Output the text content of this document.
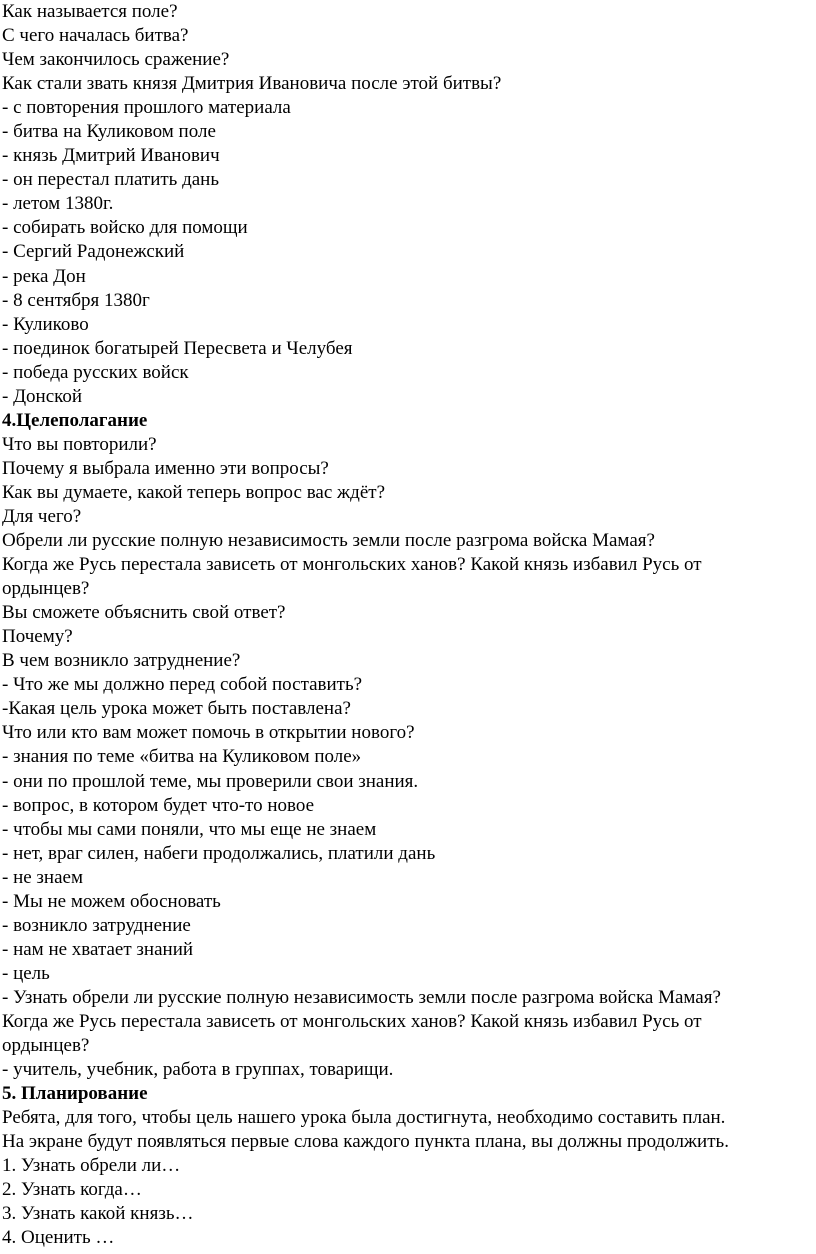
Как называется поле?
С чего началась битва?
Чем закончилось сражение?
Как стали звать князя Дмитрия Ивановича после этой битвы?
- с повторения прошлого материала
- битва на Куликовом поле
- князь Дмитрий Иванович
- он перестал платить дань
- летом 1380г.
- собирать войско для помощи
- Сергий Радонежский
- река Дон
- 8 сентября 1380г
- Куликово
- поединок богатырей Пересвета и Челубея
- победа русских войск
- Донской
4.Целеполагание
Что вы повторили?
Почему я выбрала именно эти вопросы?
Как вы думаете, какой теперь вопрос вас ждёт?
Для чего?
Обрели ли русские полную независимость земли после разгрома войска Мамая?
Когда же Русь перестала зависеть от монгольских ханов? Какой князь избавил Русь от
ордынцев?
Вы сможете объяснить свой ответ?
Почему?
В чем возникло затруднение?
- Что же мы должно перед собой поставить?
-Какая цель урока может быть поставлена?
Что или кто вам может помочь в открытии нового?
- знания по теме «битва на Куликовом поле»
- они по прошлой теме, мы проверили свои знания.
- вопрос, в котором будет что-то новое
- чтобы мы сами поняли, что мы еще не знаем
- нет, враг силен, набеги продолжались, платили дань
- не знаем
- Мы не можем обосновать
- возникло затруднение
- нам не хватает знаний
- цель
- Узнать обрели ли русские полную независимость земли после разгрома войска Мамая?
Когда же Русь перестала зависеть от монгольских ханов? Какой князь избавил Русь от
ордынцев?
- учитель, учебник, работа в группах, товарищи.
5. Планирование
Ребята, для того, чтобы цель нашего урока была достигнута, необходимо составить план.
На экране будут появляться первые слова каждого пункта плана, вы должны продолжить.
1. Узнать обрели ли…
2. Узнать когда…
3. Узнать какой князь…
4. Оценить …
